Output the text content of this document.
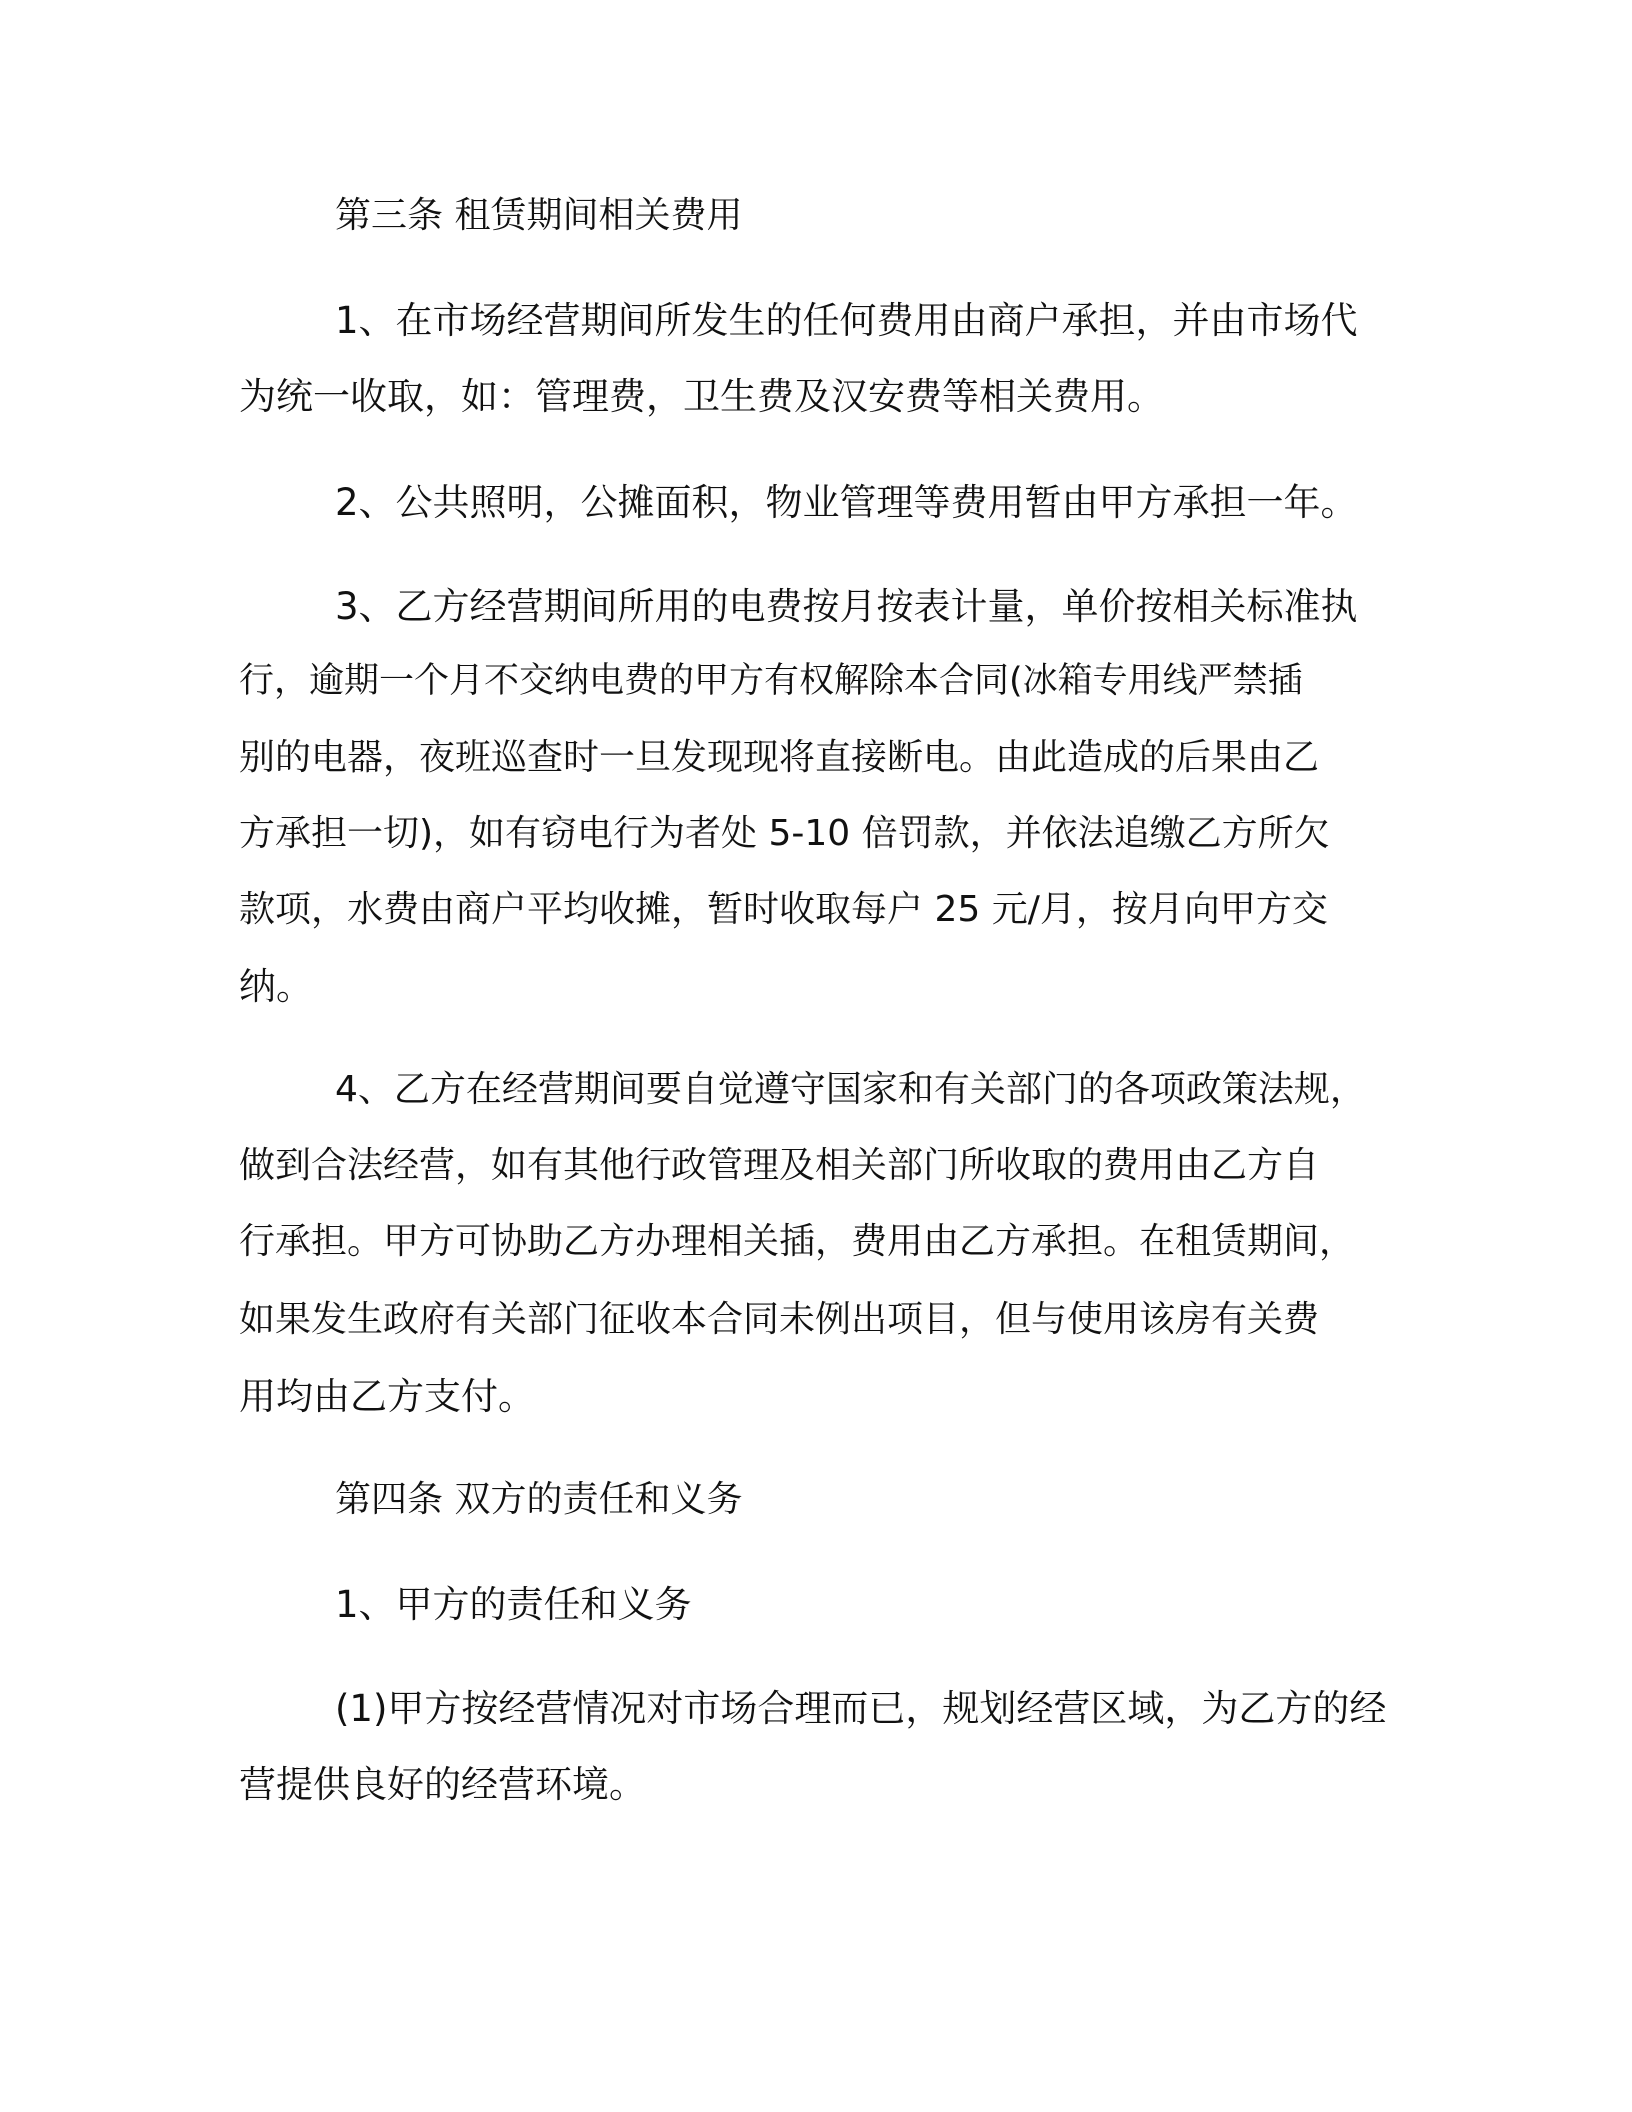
第三条 租赁期间相关费用

1、在市场经营期间所发生的任何费用由商户承担，并由市场代

为统一收取，如：管理费，卫生费及汉安费等相关费用。

2、公共照明，公摊面积，物业管理等费用暂由甲方承担一年。

3、乙方经营期间所用的电费按月按表计量，单价按相关标准执

行，逾期一个月不交纳电费的甲方有权解除本合同(冰箱专用线严禁插

别的电器，夜班巡查时一旦发现现将直接断电。由此造成的后果由乙

方承担一切)，如有窃电行为者处 5-10 倍罚款，并依法追缴乙方所欠

款项，水费由商户平均收摊，暂时收取每户 25 元/月，按月向甲方交

纳。

4、乙方在经营期间要自觉遵守国家和有关部门的各项政策法规，

做到合法经营，如有其他行政管理及相关部门所收取的费用由乙方自

行承担。甲方可协助乙方办理相关插，费用由乙方承担。在租赁期间，

如果发生政府有关部门征收本合同未例出项目，但与使用该房有关费

用均由乙方支付。

第四条 双方的责任和义务

1、甲方的责任和义务

(1)甲方按经营情况对市场合理而已，规划经营区域，为乙方的经

营提供良好的经营环境。
